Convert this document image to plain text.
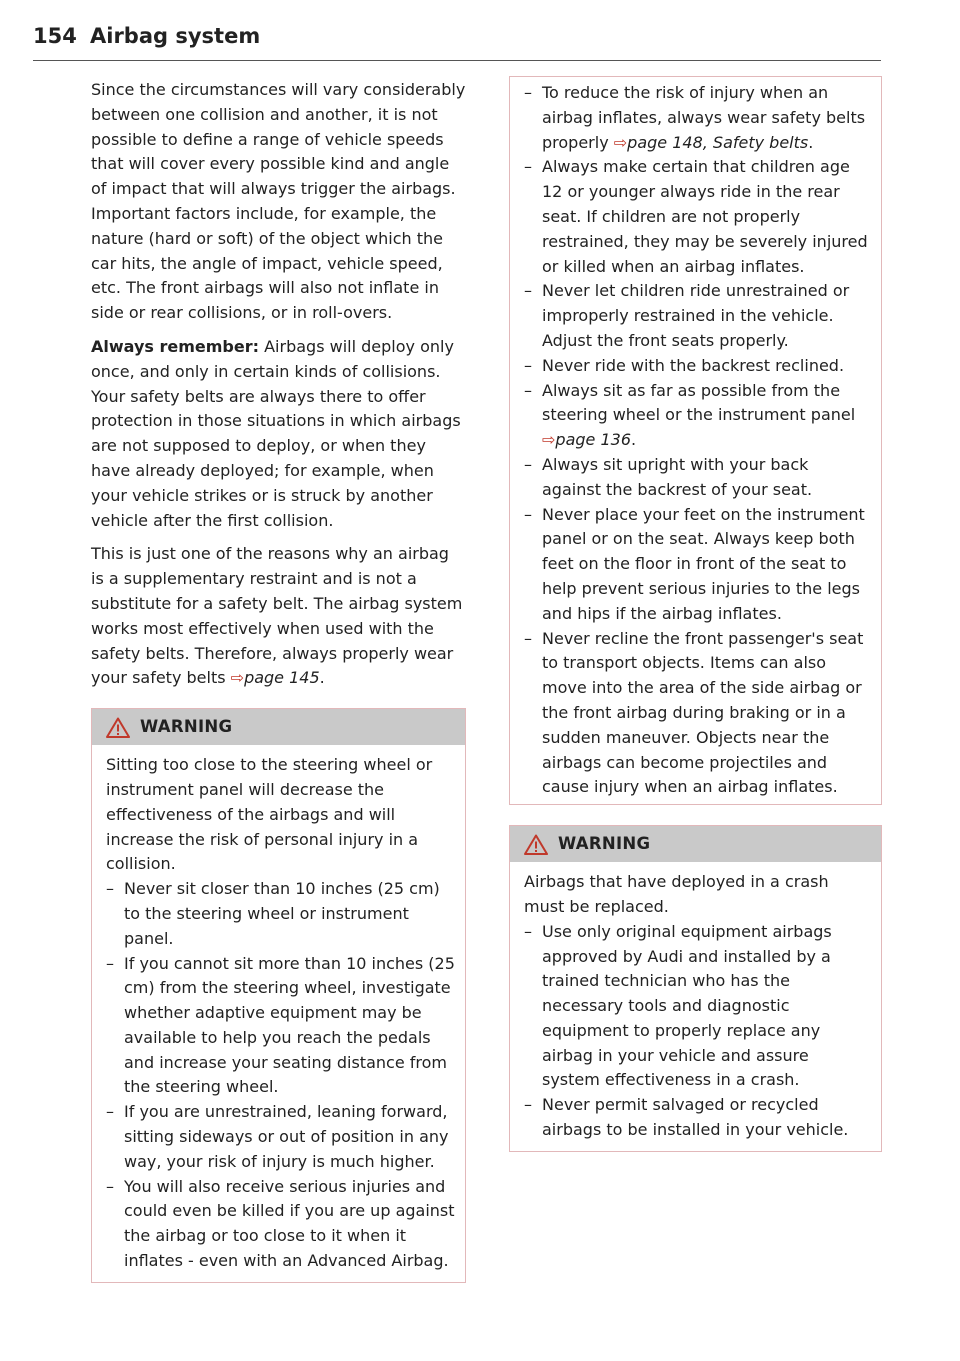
154 Airbag system

Since the circumstances will vary considerably between one collision and another, it is not possible to define a range of vehicle speeds that will cover every possible kind and angle of impact that will always trigger the airbags. Important factors include, for example, the nature (hard or soft) of the object which the car hits, the angle of impact, vehicle speed, etc. The front airbags will also not inflate in side or rear collisions, or in roll-overs.

Always remember: Airbags will deploy only once, and only in certain kinds of collisions. Your safety belts are always there to offer protection in those situations in which airbags are not supposed to deploy, or when they have already deployed; for example, when your vehicle strikes or is struck by another vehicle after the first collision.

This is just one of the reasons why an airbag is a supplementary restraint and is not a substitute for a safety belt. The airbag system works most effectively when used with the safety belts. Therefore, always properly wear your safety belts ⇨page 145.

WARNING

Sitting too close to the steering wheel or instrument panel will decrease the effectiveness of the airbags and will increase the risk of personal injury in a collision.

– Never sit closer than 10 inches (25 cm) to the steering wheel or instrument panel.
– If you cannot sit more than 10 inches (25 cm) from the steering wheel, investigate whether adaptive equipment may be available to help you reach the pedals and increase your seating distance from the steering wheel.
– If you are unrestrained, leaning forward, sitting sideways or out of position in any way, your risk of injury is much higher.
– You will also receive serious injuries and could even be killed if you are up against the airbag or too close to it when it inflates - even with an Advanced Airbag.
– To reduce the risk of injury when an airbag inflates, always wear safety belts properly ⇨page 148, Safety belts.
– Always make certain that children age 12 or younger always ride in the rear seat. If children are not properly restrained, they may be severely injured or killed when an airbag inflates.
– Never let children ride unrestrained or improperly restrained in the vehicle. Adjust the front seats properly.
– Never ride with the backrest reclined.
– Always sit as far as possible from the steering wheel or the instrument panel ⇨page 136.
– Always sit upright with your back against the backrest of your seat.
– Never place your feet on the instrument panel or on the seat. Always keep both feet on the floor in front of the seat to help prevent serious injuries to the legs and hips if the airbag inflates.
– Never recline the front passenger's seat to transport objects. Items can also move into the area of the side airbag or the front airbag during braking or in a sudden maneuver. Objects near the airbags can become projectiles and cause injury when an airbag inflates.
WARNING

Airbags that have deployed in a crash must be replaced.

– Use only original equipment airbags approved by Audi and installed by a trained technician who has the necessary tools and diagnostic equipment to properly replace any airbag in your vehicle and assure system effectiveness in a crash.
– Never permit salvaged or recycled airbags to be installed in your vehicle.
